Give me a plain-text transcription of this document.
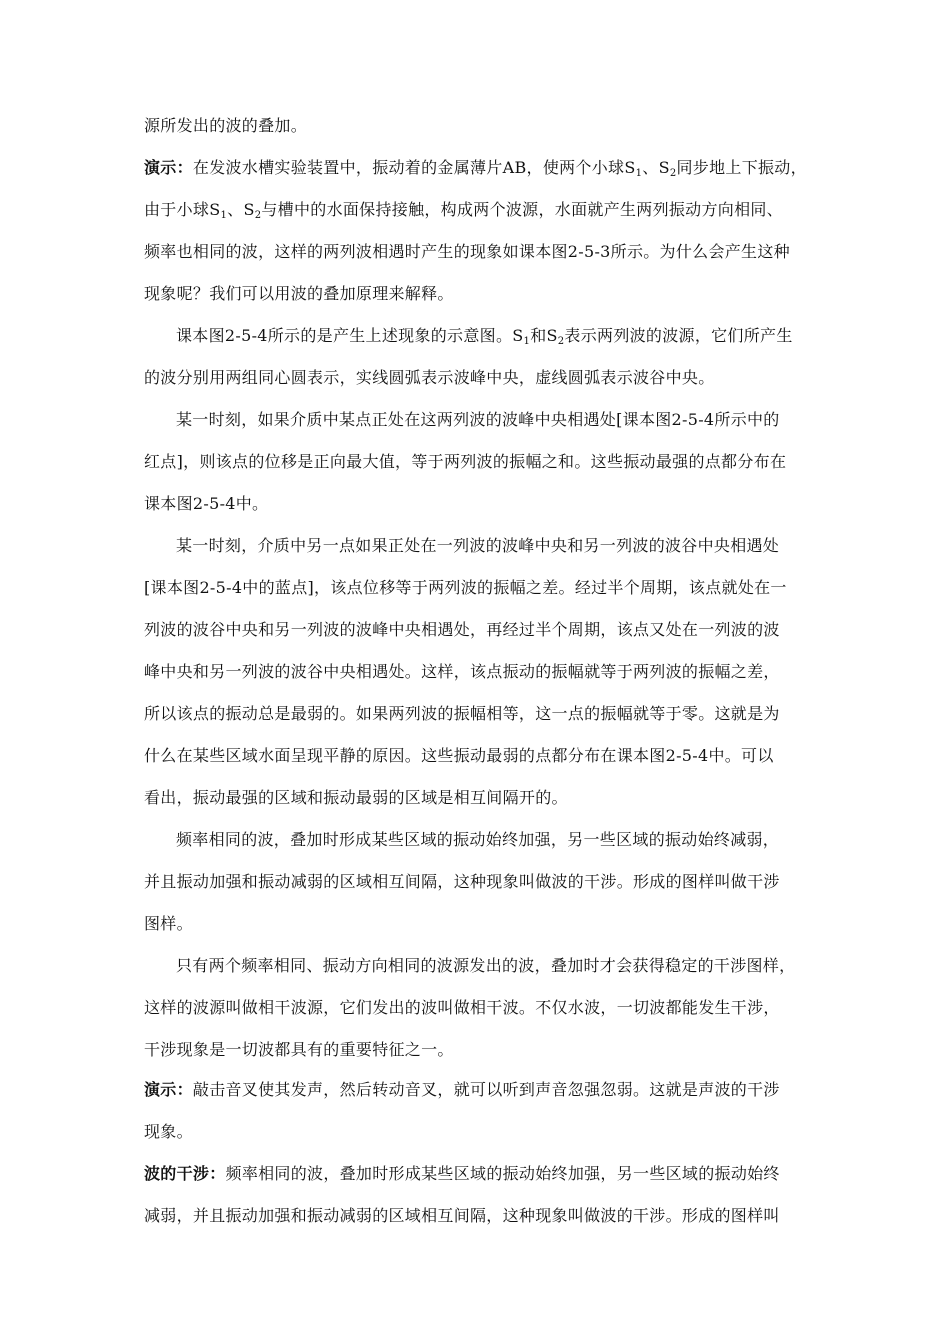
源所发出的波的叠加。
演示：在发波水槽实验装置中，振动着的金属薄片AB，使两个小球$S_1$、$S_2$同步地上下振动，
由于小球$S_1$、$S_2$与槽中的水面保持接触，构成两个波源，水面就产生两列振动方向相同、
频率也相同的波，这样的两列波相遇时产生的现象如课本图2-5-3所示。为什么会产生这种
现象呢？我们可以用波的叠加原理来解释。
课本图2-5-4所示的是产生上述现象的示意图。$S_1$和$S_2$表示两列波的波源，它们所产生
的波分别用两组同心圆表示，实线圆弧表示波峰中央，虚线圆弧表示波谷中央。
某一时刻，如果介质中某点正处在这两列波的波峰中央相遇处[课本图2-5-4所示中的
红点]，则该点的位移是正向最大值，等于两列波的振幅之和。这些振动最强的点都分布在
课本图2-5-4中。
某一时刻，介质中另一点如果正处在一列波的波峰中央和另一列波的波谷中央相遇处
[课本图2-5-4中的蓝点]，该点位移等于两列波的振幅之差。经过半个周期，该点就处在一
列波的波谷中央和另一列波的波峰中央相遇处，再经过半个周期，该点又处在一列波的波
峰中央和另一列波的波谷中央相遇处。这样，该点振动的振幅就等于两列波的振幅之差，
所以该点的振动总是最弱的。如果两列波的振幅相等，这一点的振幅就等于零。这就是为
什么在某些区域水面呈现平静的原因。这些振动最弱的点都分布在课本图2-5-4中。可以
看出，振动最强的区域和振动最弱的区域是相互间隔开的。
频率相同的波，叠加时形成某些区域的振动始终加强，另一些区域的振动始终减弱，
并且振动加强和振动减弱的区域相互间隔，这种现象叫做波的干涉。形成的图样叫做干涉
图样。
只有两个频率相同、振动方向相同的波源发出的波，叠加时才会获得稳定的干涉图样，
这样的波源叫做相干波源，它们发出的波叫做相干波。不仅水波，一切波都能发生干涉，
干涉现象是一切波都具有的重要特征之一。
演示：敲击音叉使其发声，然后转动音叉，就可以听到声音忽强忽弱。这就是声波的干涉
现象。
波的干涉：频率相同的波，叠加时形成某些区域的振动始终加强，另一些区域的振动始终
减弱，并且振动加强和振动减弱的区域相互间隔，这种现象叫做波的干涉。形成的图样叫
